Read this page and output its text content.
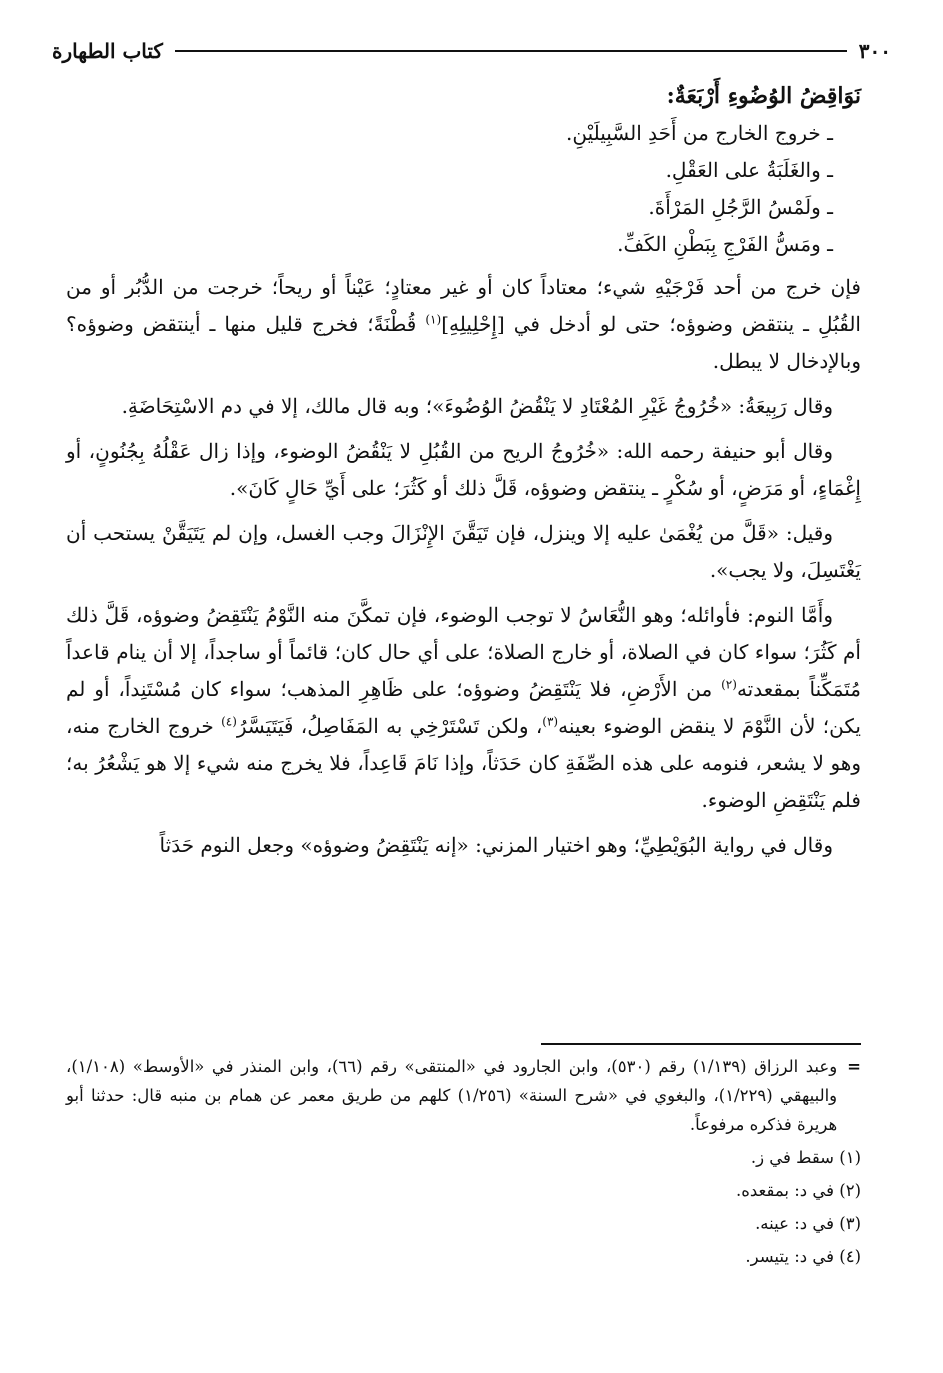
٣٠٠
كتاب الطهارة

نَوَاقِضُ الوُضُوءِ أَرْبَعَةٌ:

ـ خروج الخارج من أَحَدِ السَّبِيلَيْنِ.
ـ والغَلَبَةُ على العَقْلِ.
ـ ولَمْسُ الرَّجُلِ المَرْأَةَ.
ـ ومَسُّ الفَرْجِ بِبَطْنِ الكَفِّ.

فإن خرج من أحد فَرْجَيْهِ شيء؛ معتاداً كان أو غير معتادٍ؛ عَيْناً أو ريحاً؛ خرجت من الدُّبُر أو من القُبُلِ ـ ينتقض وضوؤه؛ حتى لو أدخل في [إِحْلِيلِهِ]$^{(١)}$ قُطْنَةً؛ فخرج قليل منها ـ أينتقض وضوؤه؟ وبالإدخال لا يبطل.

وقال رَبِيعَةُ: «خُرُوجُ غَيْرِ المُعْتَادِ لا يَنْقُضُ الوُضُوءَ»؛ وبه قال مالك، إلا في دم الاسْتِحَاضَةِ.

وقال أبو حنيفة رحمه الله: «خُرُوجُ الريح من القُبُلِ لا يَنْقُضُ الوضوء، وإذا زال عَقْلُهُ بِجُنُونٍ، أو إِغْمَاءٍ، أو مَرَضٍ، أو سُكْرٍ ـ ينتقض وضوؤه، قَلَّ ذلك أو كَثُرَ؛ على أَيِّ حَالٍ كَانَ».

وقيل: «قَلَّ من يُغْمَىٰ عليه إلا وينزل، فإن تَيَقَّنَ الإِنْزَالَ وجب الغسل، وإن لم يَتَيَقَّنْ يستحب أن يَغْتَسِلَ، ولا يجب».

وأَمَّا النوم: فأوائله؛ وهو النُّعَاسُ لا توجب الوضوء، فإن تمكَّنَ منه النَّوْمُ يَنْتَقِضُ وضوؤه، قَلَّ ذلك أم كَثُرَ؛ سواء كان في الصلاة، أو خارج الصلاة؛ على أي حال كان؛ قائماً أو ساجداً، إلا أن ينام قاعداً مُتَمَكِّناً بمقعدته$^{(٢)}$ من الأَرْضِ، فلا يَنْتَقِضُ وضوؤه؛ على ظَاهِرِ المذهب؛ سواء كان مُسْتَنِداً، أو لم يكن؛ لأن النَّوْمَ لا ينقض الوضوء بعينه$^{(٣)}$، ولكن تَسْتَرْخِي به المَفَاصِلُ، فَيَتَيَسَّرُ$^{(٤)}$ خروج الخارج منه، وهو لا يشعر، فنومه على هذه الصِّفَةِ كان حَدَثاً، وإذا نَامَ قَاعِداً، فلا يخرج منه شيء إلا هو يَشْعُرُ به؛ فلم يَنْتَقِضِ الوضوء.

وقال في رواية البُوَيْطِيِّ؛ وهو اختيار المزني: «إنه يَنْتَقِضُ وضوؤه» وجعل النوم حَدَثاً

=
وعبد الرزاق (١/١٣٩) رقم (٥٣٠)، وابن الجارود في «المنتقى» رقم (٦٦)، وابن المنذر في «الأوسط» (١/١٠٨)، والبيهقي (١/٢٢٩)، والبغوي في «شرح السنة» (١/٢٥٦) كلهم من طريق معمر عن همام بن منبه قال: حدثنا أبو هريرة فذكره مرفوعاً.

(١) سقط في ز.

(٢) في د: بمقعده.

(٣) في د: عينه.

(٤) في د: يتيسر.
